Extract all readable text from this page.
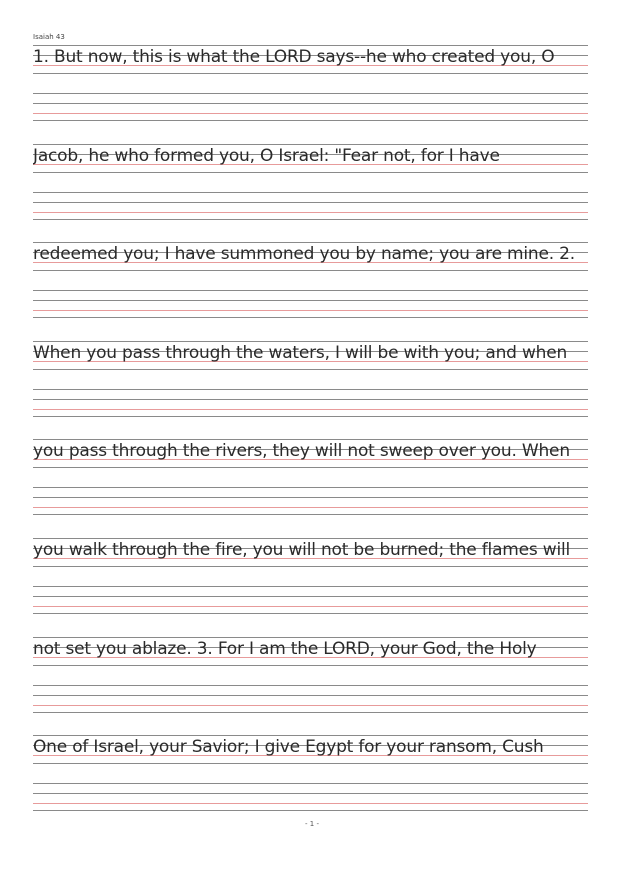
Isaiah 43
1. But now, this is what the LORD says--he who created you, O
Jacob, he who formed you, O Israel: "Fear not, for I have
redeemed you; I have summoned you by name; you are mine. 2.
When you pass through the waters, I will be with you; and when
you pass through the rivers, they will not sweep over you. When
you walk through the fire, you will not be burned; the flames will
not set you ablaze. 3. For I am the LORD, your God, the Holy
One of Israel, your Savior; I give Egypt for your ransom, Cush
- 1 -
